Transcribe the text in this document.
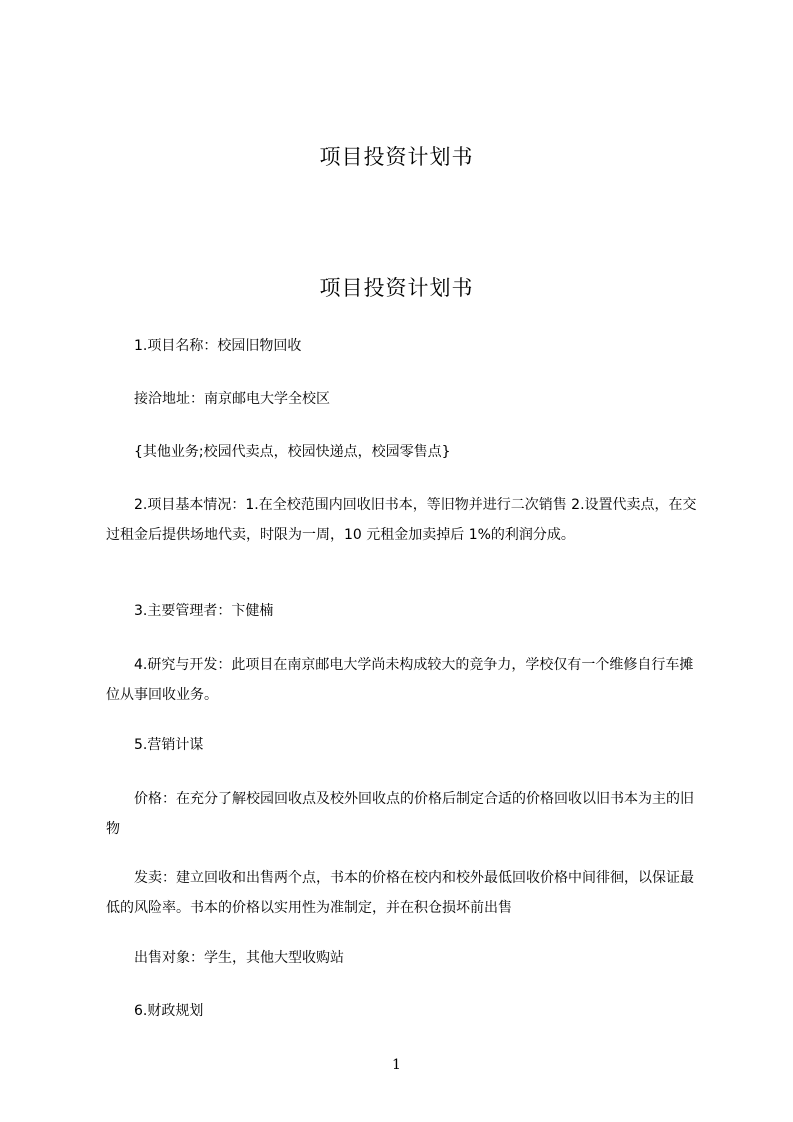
项目投资计划书
项目投资计划书

1.项目名称：校园旧物回收

接洽地址：南京邮电大学全校区

{其他业务;校园代卖点，校园快递点，校园零售点}

2.项目基本情况：1.在全校范围内回收旧书本，等旧物并进行二次销售 2.设置代卖点，在交过租金后提供场地代卖，时限为一周，10 元租金加卖掉后 1%的利润分成。

3.主要管理者：卞健楠

4.研究与开发：此项目在南京邮电大学尚未构成较大的竞争力，学校仅有一个维修自行车摊位从事回收业务。

5.营销计谋

价格：在充分了解校园回收点及校外回收点的价格后制定合适的价格回收以旧书本为主的旧物

发卖：建立回收和出售两个点，书本的价格在校内和校外最低回收价格中间徘徊，以保证最低的风险率。书本的价格以实用性为准制定，并在积仓损坏前出售

出售对象：学生，其他大型收购站

6.财政规划

1
